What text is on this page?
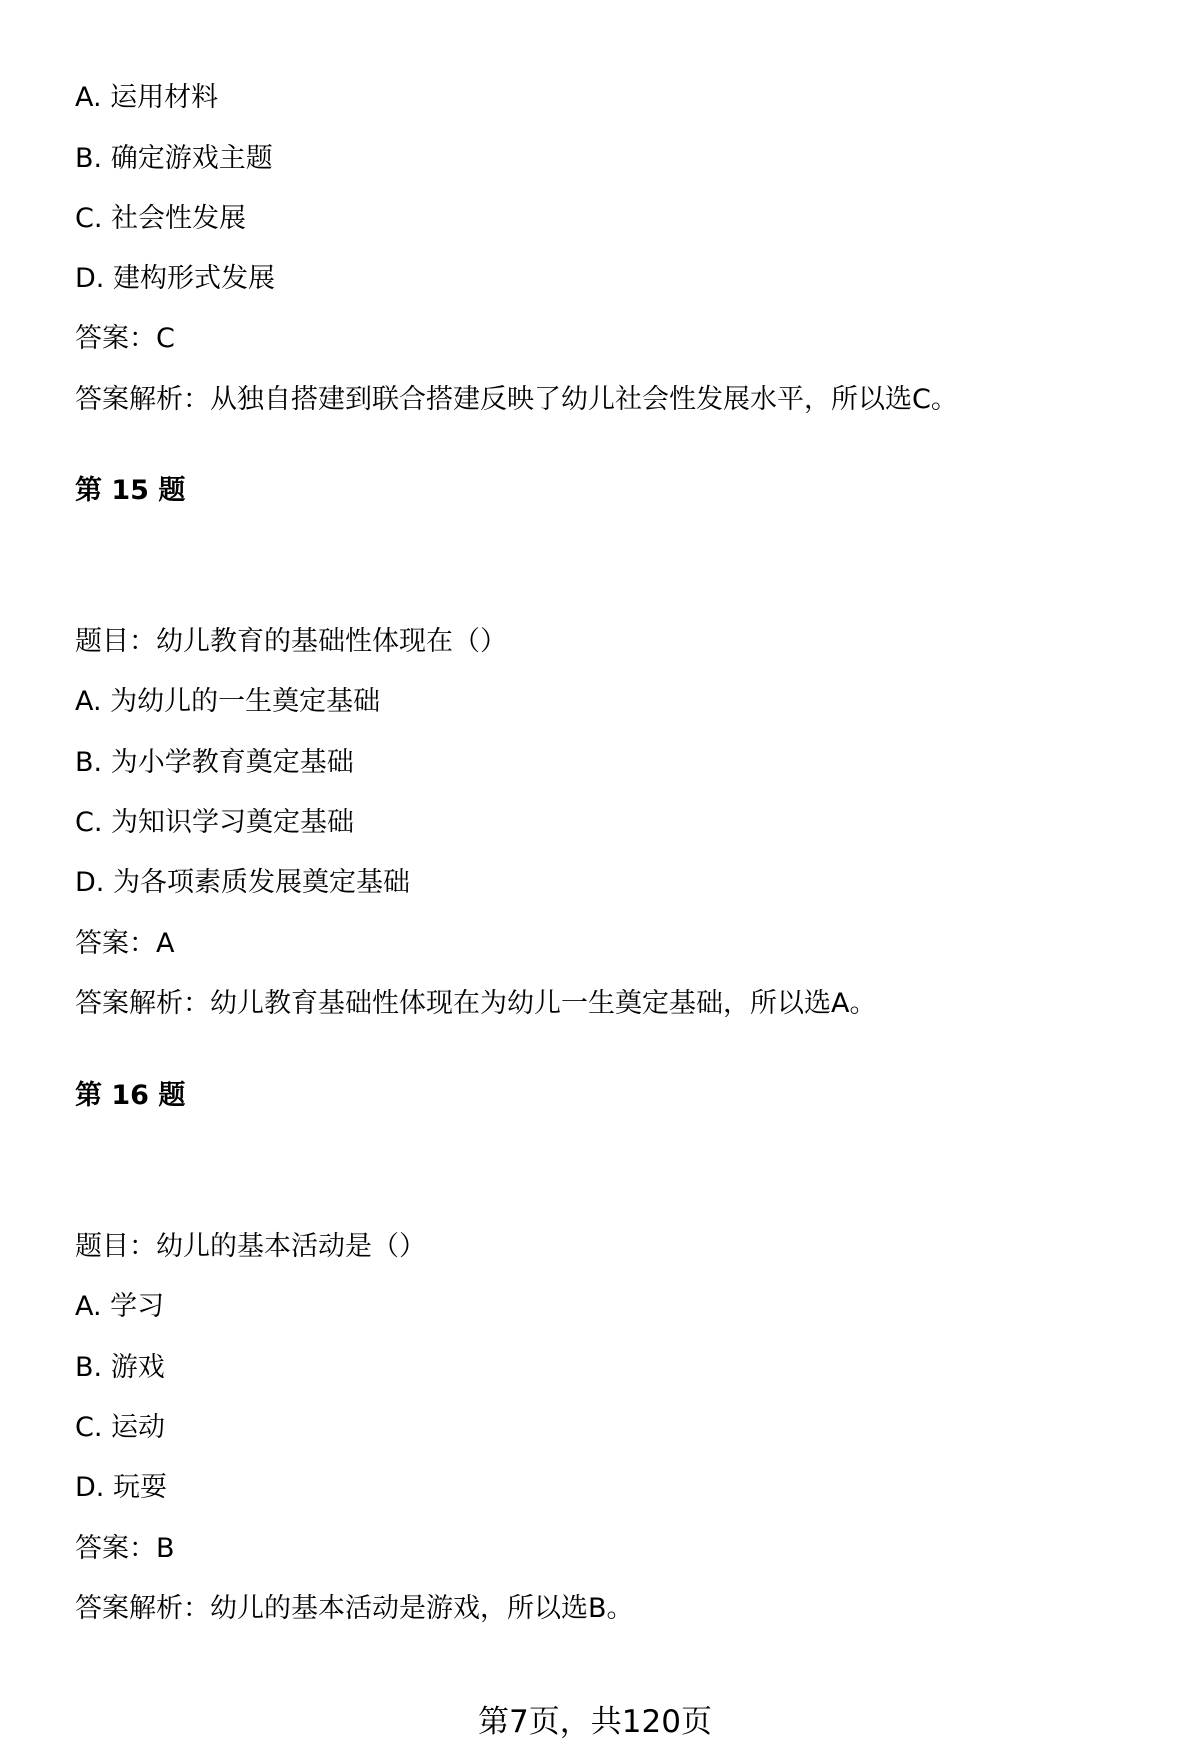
A. 运用材料
B. 确定游戏主题
C. 社会性发展
D. 建构形式发展
答案：C
答案解析：从独自搭建到联合搭建反映了幼儿社会性发展水平，所以选C。
第 15 题
题目：幼儿教育的基础性体现在（）
A. 为幼儿的一生奠定基础
B. 为小学教育奠定基础
C. 为知识学习奠定基础
D. 为各项素质发展奠定基础
答案：A
答案解析：幼儿教育基础性体现在为幼儿一生奠定基础，所以选A。
第 16 题
题目：幼儿的基本活动是（）
A. 学习
B. 游戏
C. 运动
D. 玩耍
答案：B
答案解析：幼儿的基本活动是游戏，所以选B。
第7页，共120页
